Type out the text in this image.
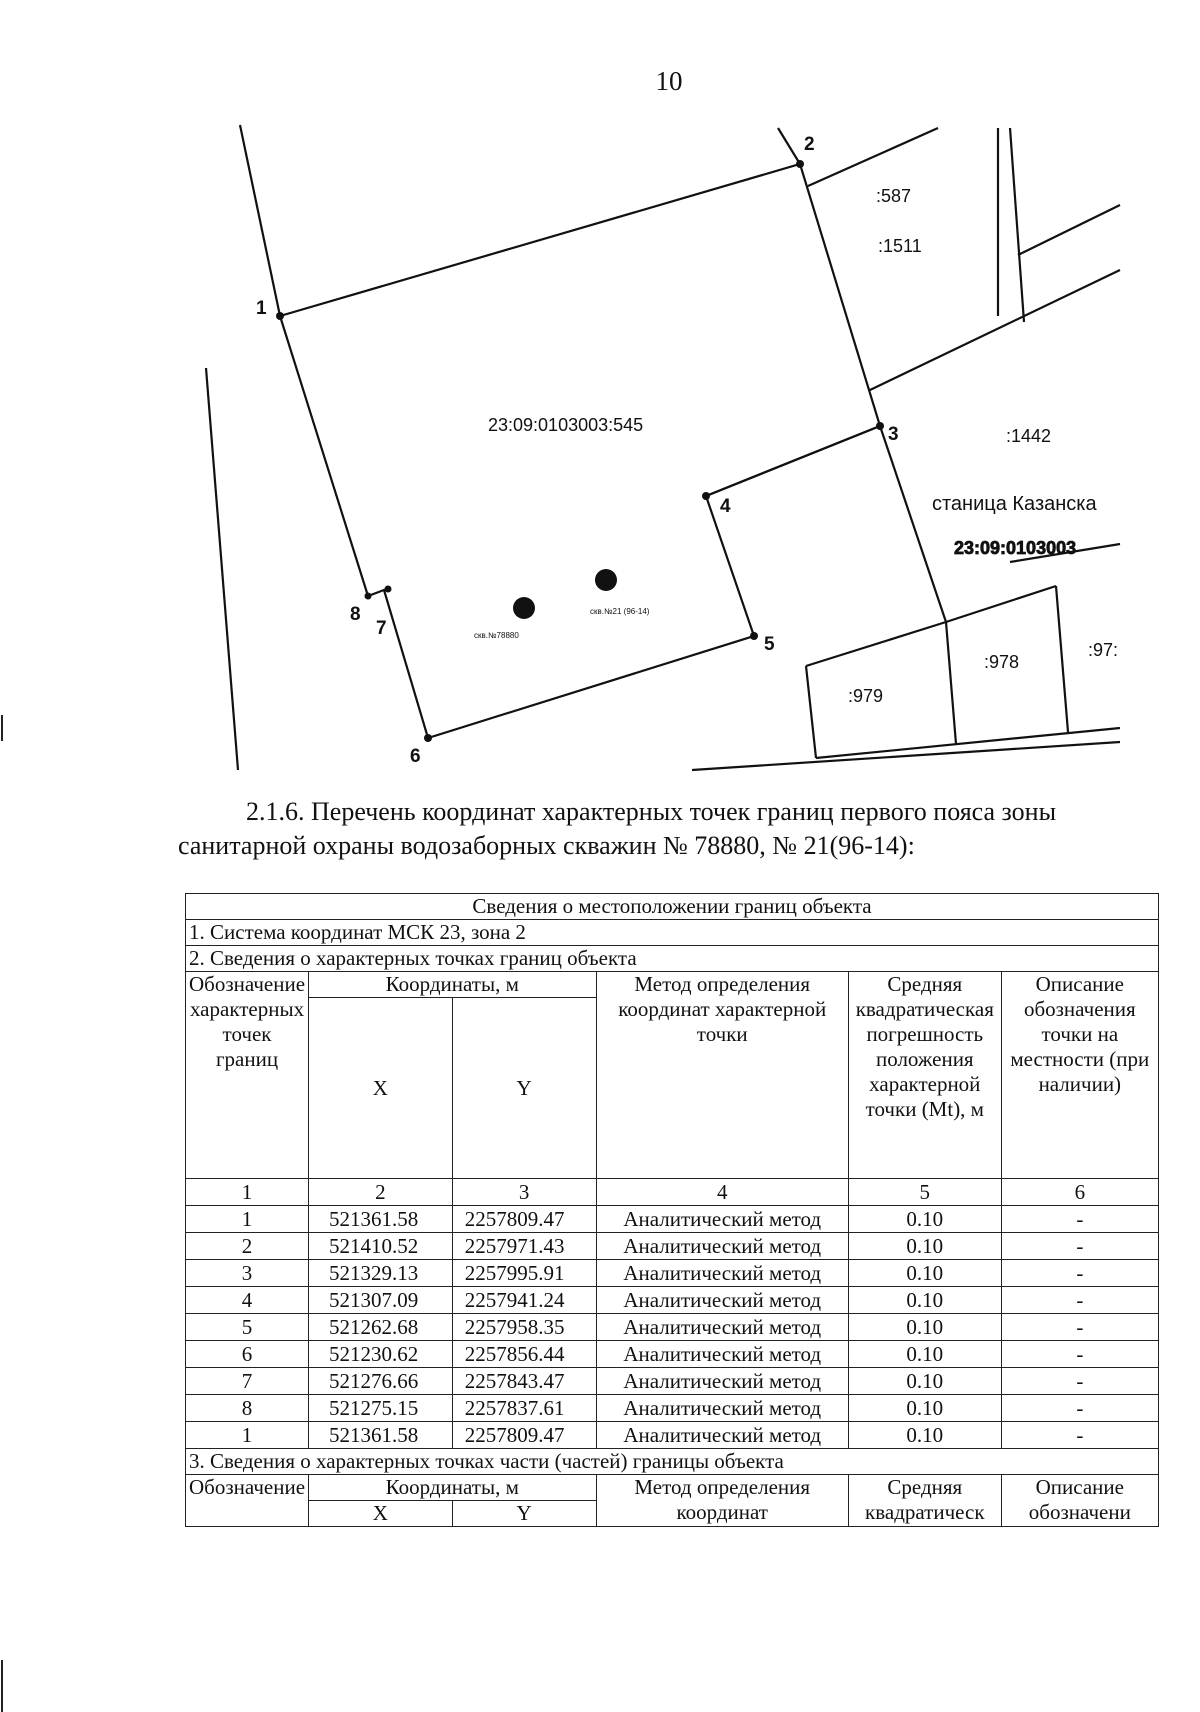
10
1
2
3
4
5
6
7
8
23:09:0103003:545
:587
:1511
:1442
:979
:978
:97:
станица Казанска
23:09:0103003
скв.№78880
скв.№21 (96-14)

2.1.6. Перечень координат характерных точек границ первого пояса зоны санитарной охраны водозаборных скважин № 78880, № 21(96-14):

Сведения о местоположении границ объекта					
1. Система координат МСК 23, зона 2					
2. Сведения о характерных точках границ объекта					
Обозначение характерных точек границ	Координаты, м		Метод определения координат характерной точки	Средняя квадратическая погрешность положения характерной точки (Mt), м	Описание обозначения точки на местности (при наличии)
	X	Y			
1	2	3	4	5	6
1	521361.58	2257809.47	Аналитический метод	0.10	-
2	521410.52	2257971.43	Аналитический метод	0.10	-
3	521329.13	2257995.91	Аналитический метод	0.10	-
4	521307.09	2257941.24	Аналитический метод	0.10	-
5	521262.68	2257958.35	Аналитический метод	0.10	-
6	521230.62	2257856.44	Аналитический метод	0.10	-
7	521276.66	2257843.47	Аналитический метод	0.10	-
8	521275.15	2257837.61	Аналитический метод	0.10	-
1	521361.58	2257809.47	Аналитический метод	0.10	-
3. Сведения о характерных точках части (частей) границы объекта					
Обозначение	Координаты, м		Метод определения координат	Средняя квадратическ	Описание обозначени
	X	Y			
